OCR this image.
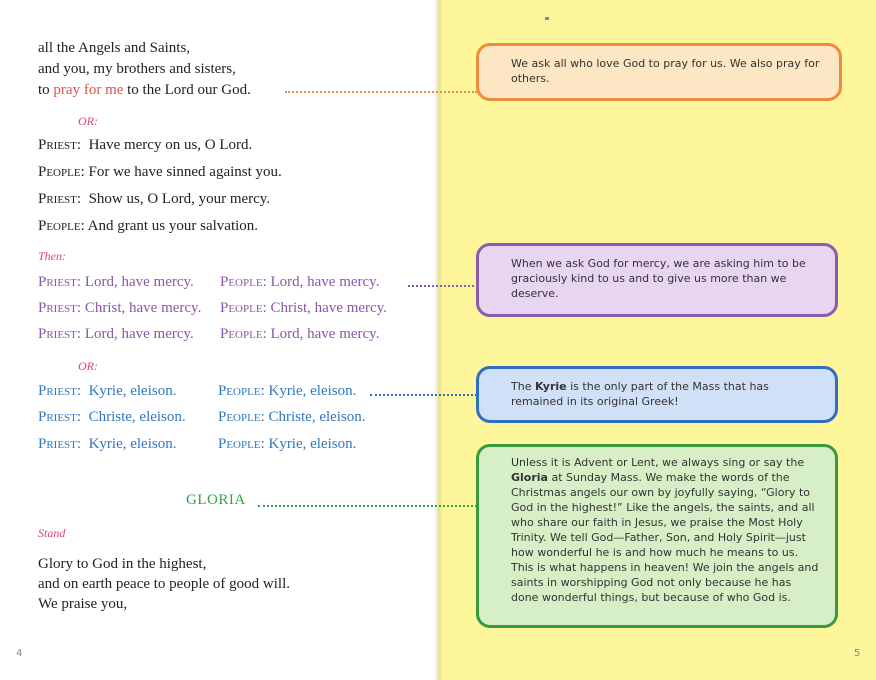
all the Angels and Saints,
and you, my brothers and sisters,
to pray for me to the Lord our God.
OR:
Priest:  Have mercy on us, O Lord.
People: For we have sinned against you.
Priest:  Show us, O Lord, your mercy.
People: And grant us your salvation.
Then:
Priest: Lord, have mercy. People: Lord, have mercy.
Priest: Christ, have mercy. People: Christ, have mercy.
Priest: Lord, have mercy. People: Lord, have mercy.
OR:
Priest:  Kyrie, eleison.	People: Kyrie, eleison.
Priest:  Christe, eleison. People: Christe, eleison.
Priest:  Kyrie, eleison.	People: Kyrie, eleison.
GLORIA
Stand
Glory to God in the highest,
and on earth peace to people of good will.
We praise you,
4
We ask all who love God to pray for us. We also pray for others.
When we ask God for mercy, we are asking him to be graciously kind to us and to give us more than we deserve.
The Kyrie is the only part of the Mass that has remained in its original Greek!
Unless it is Advent or Lent, we always sing or say the Gloria at Sunday Mass. We make the words of the Christmas angels our own by joyfully saying, “Glory to God in the highest!” Like the angels, the saints, and all who share our faith in Jesus, we praise the Most Holy Trinity. We tell God—Father, Son, and Holy Spirit—just how wonderful he is and how much he means to us. This is what happens in heaven! We join the angels and saints in worshipping God not only because he has done wonderful things, but because of who God is.
5
